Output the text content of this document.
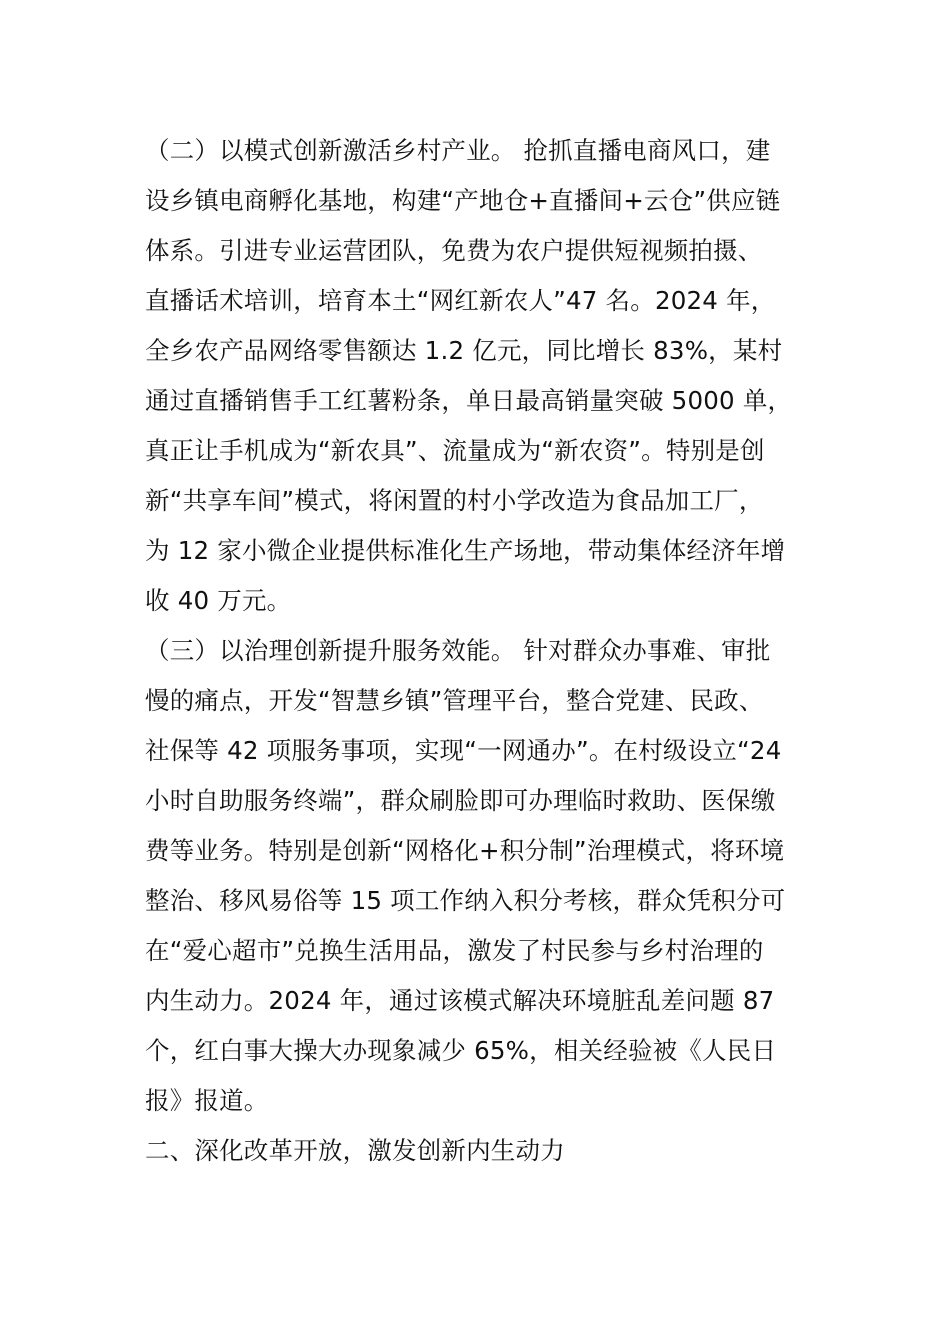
（二）以模式创新激活乡村产业。 抢抓直播电商风口，建
设乡镇电商孵化基地，构建“产地仓+直播间+云仓”供应链
体系。引进专业运营团队，免费为农户提供短视频拍摄、
直播话术培训，培育本土“网红新农人”47 名。2024 年，
全乡农产品网络零售额达 1.2 亿元，同比增长 83%，某村
通过直播销售手工红薯粉条，单日最高销量突破 5000 单，
真正让手机成为“新农具”、流量成为“新农资”。特别是创
新“共享车间”模式，将闲置的村小学改造为食品加工厂，
为 12 家小微企业提供标准化生产场地，带动集体经济年增
收 40 万元。
（三）以治理创新提升服务效能。 针对群众办事难、审批
慢的痛点，开发“智慧乡镇”管理平台，整合党建、民政、
社保等 42 项服务事项，实现“一网通办”。在村级设立“24
小时自助服务终端”，群众刷脸即可办理临时救助、医保缴
费等业务。特别是创新“网格化+积分制”治理模式，将环境
整治、移风易俗等 15 项工作纳入积分考核，群众凭积分可
在“爱心超市”兑换生活用品，激发了村民参与乡村治理的
内生动力。2024 年，通过该模式解决环境脏乱差问题 87
个，红白事大操大办现象减少 65%，相关经验被《人民日
报》报道。
二、深化改革开放，激发创新内生动力
